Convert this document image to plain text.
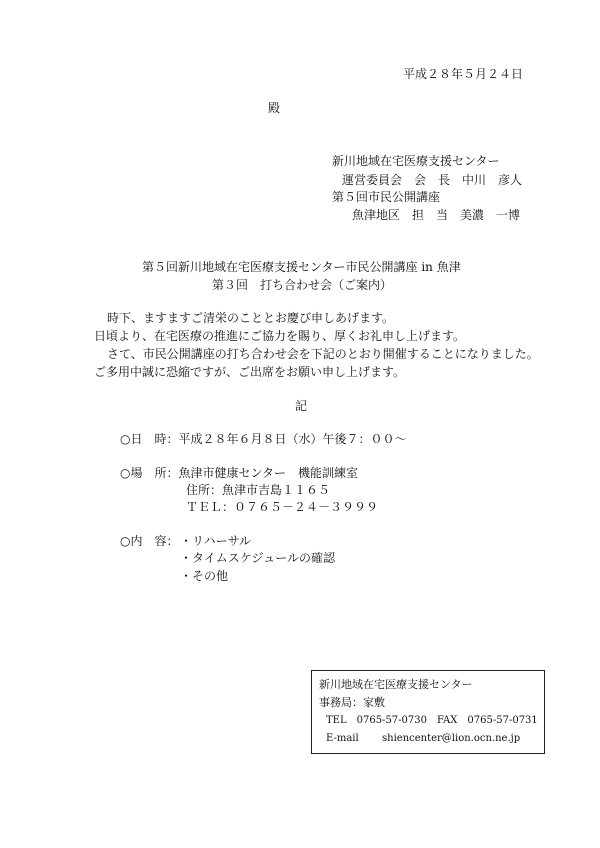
平成２８年５月２４日
殿
新川地域在宅医療支援センター
運営委員会　会　長　中川　彦人
第５回市民公開講座
魚津地区　担　当　美濃　一博
第５回新川地域在宅医療支援センター市民公開講座 in 魚津
第３回　打ち合わせ会（ご案内）
時下、ますますご清栄のこととお慶び申しあげます。
日頃より、在宅医療の推進にご協力を賜り、厚くお礼申し上げます。
さて、市民公開講座の打ち合わせ会を下記のとおり開催することになりました。
ご多用中誠に恐縮ですが、ご出席をお願い申し上げます。
記
○日　時：平成２８年６月８日（水）午後７：００～
○場　所：魚津市健康センター　機能訓練室
住所：魚津市吉島１１６５
ＴＥＬ：０７６５－２４－３９９９
○内　容： ・リハーサル
・タイムスケジュールの確認
・その他
新川地域在宅医療支援センター
事務局：家敷
TEL　0765-57-0730　FAX　0765-57-0731
E-mail shiencenter@lion.ocn.ne.jp
